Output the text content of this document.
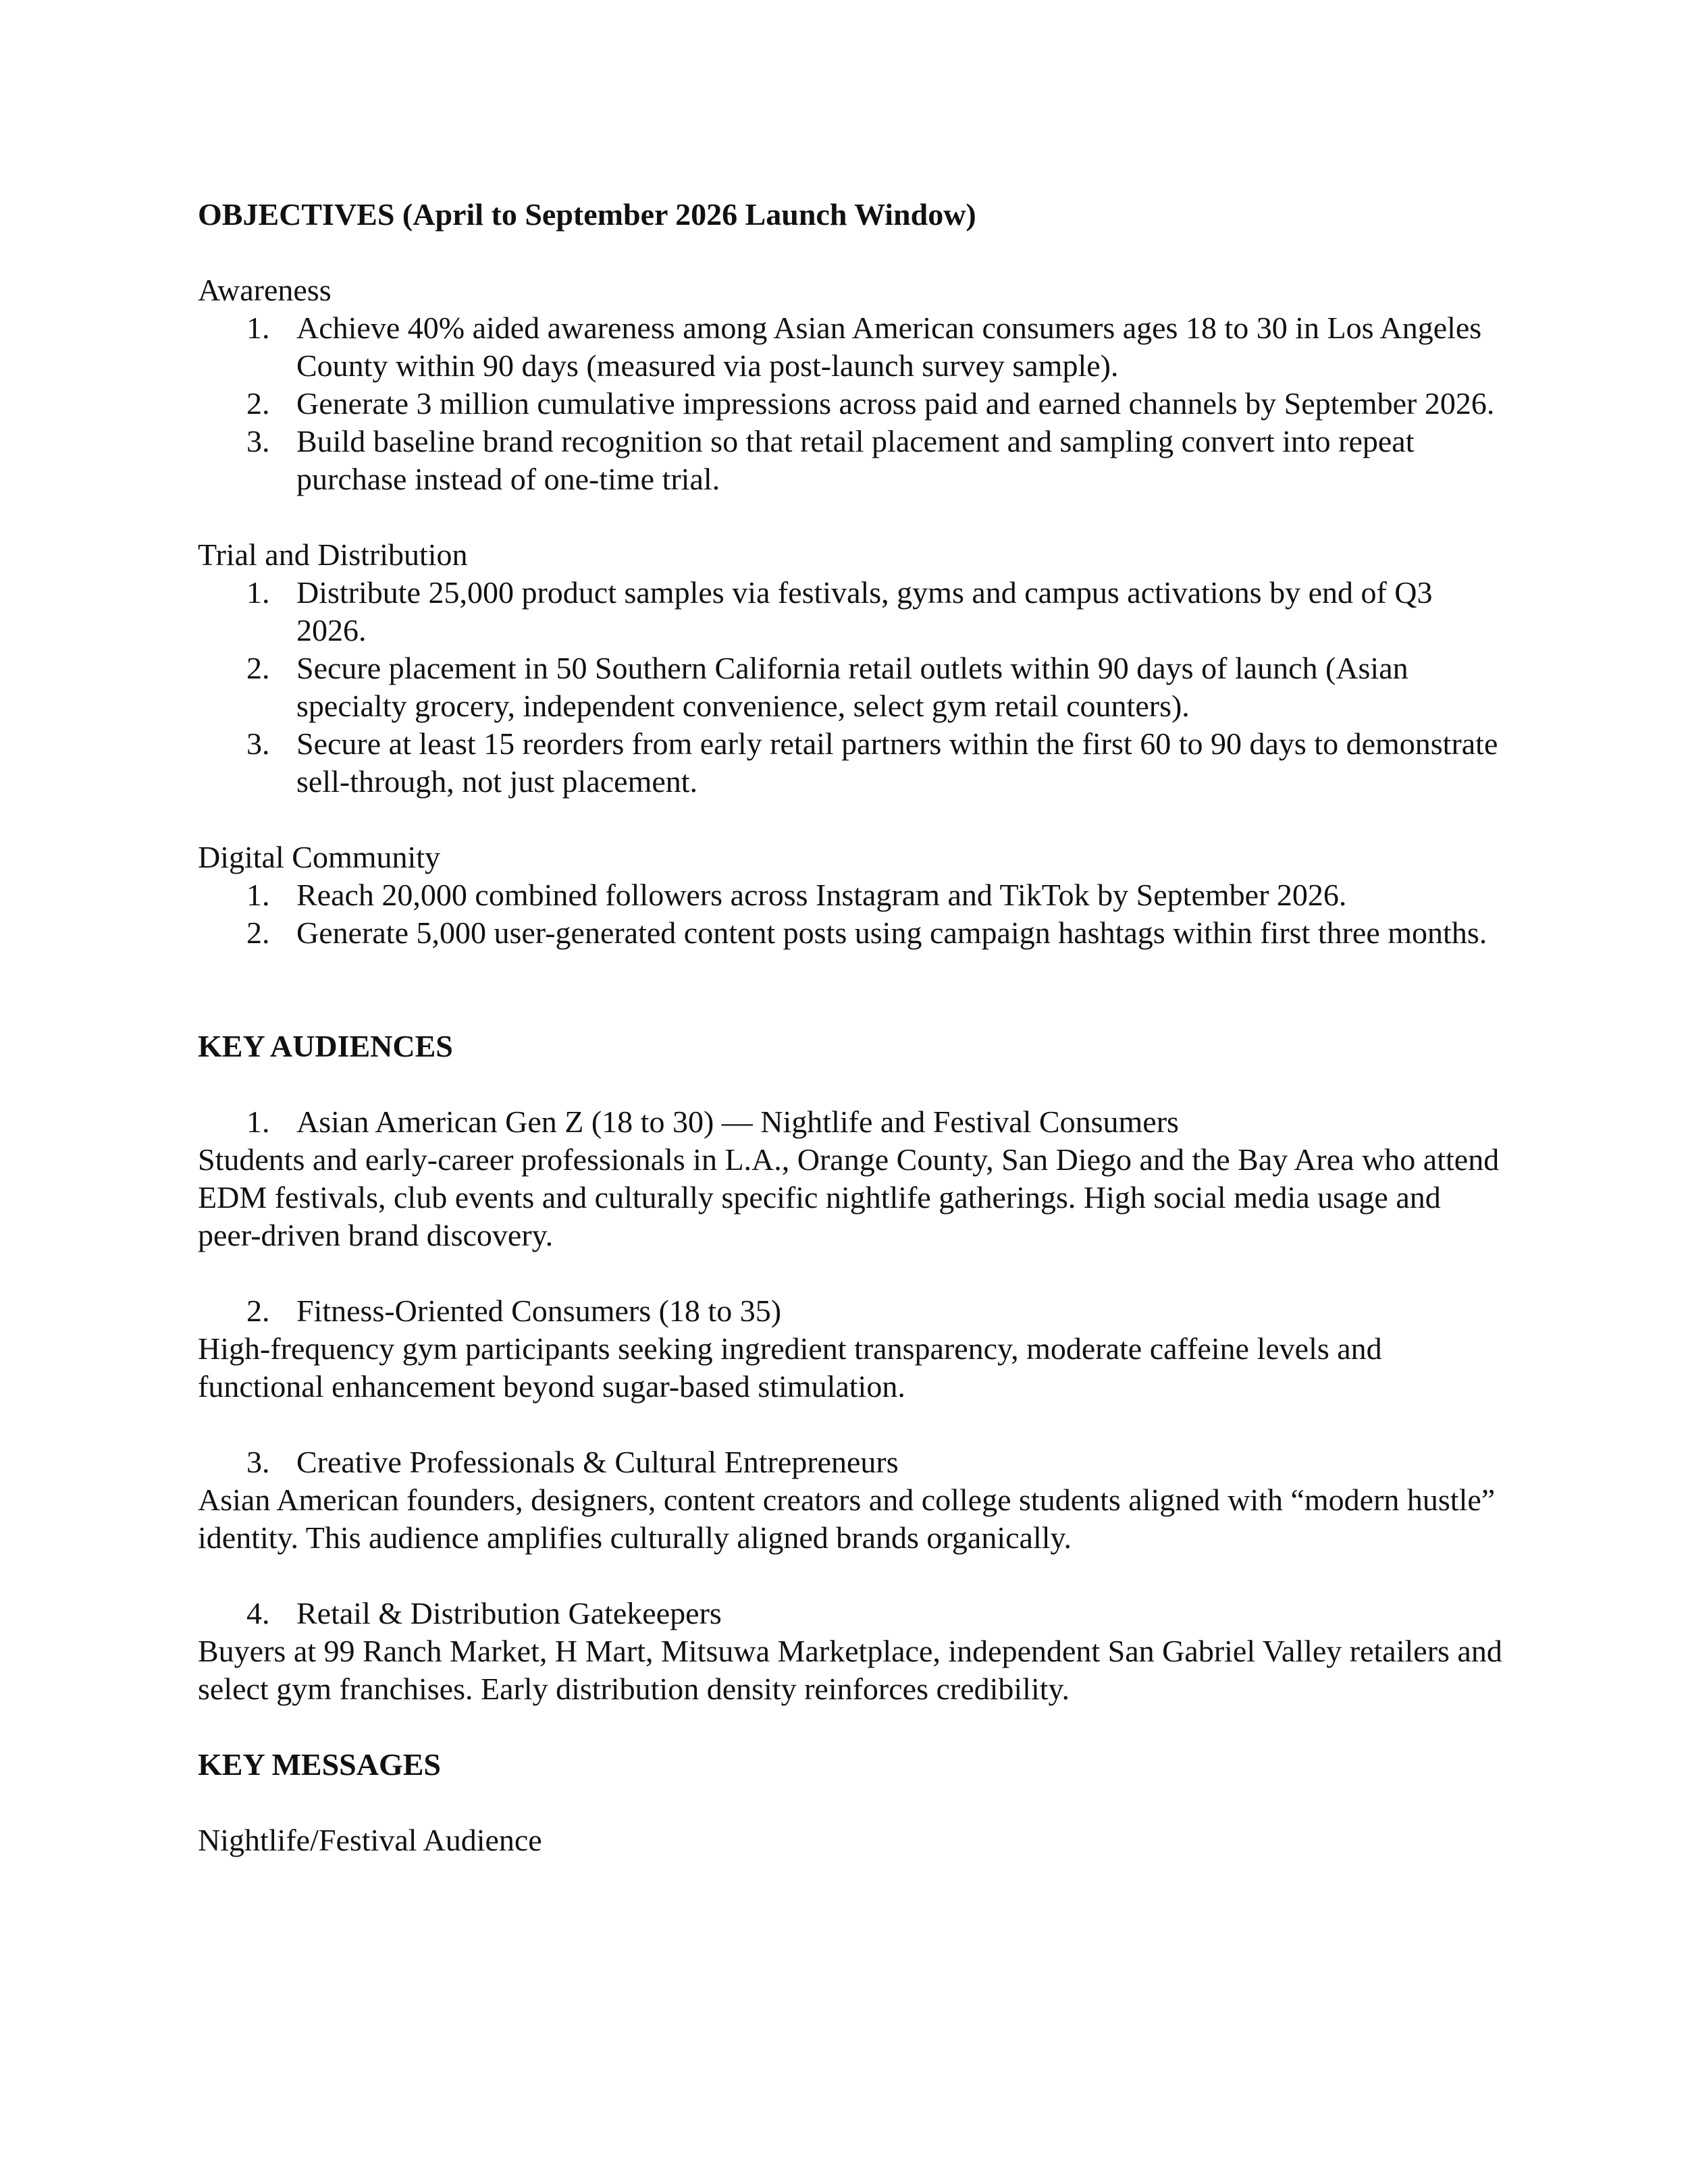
OBJECTIVES (April to September 2026 Launch Window)

Awareness

1. Achieve 40% aided awareness among Asian American consumers ages 18 to 30 in Los Angeles County within 90 days (measured via post-launch survey sample).
2. Generate 3 million cumulative impressions across paid and earned channels by September 2026.
3. Build baseline brand recognition so that retail placement and sampling convert into repeat purchase instead of one-time trial.

Trial and Distribution

1. Distribute 25,000 product samples via festivals, gyms and campus activations by end of Q3 2026.
2. Secure placement in 50 Southern California retail outlets within 90 days of launch (Asian specialty grocery, independent convenience, select gym retail counters).
3. Secure at least 15 reorders from early retail partners within the first 60 to 90 days to demonstrate sell-through, not just placement.

Digital Community

1. Reach 20,000 combined followers across Instagram and TikTok by September 2026.
2. Generate 5,000 user-generated content posts using campaign hashtags within first three months.

KEY AUDIENCES

1. Asian American Gen Z (18 to 30) — Nightlife and Festival Consumers

Students and early-career professionals in L.A., Orange County, San Diego and the Bay Area who attend EDM festivals, club events and culturally specific nightlife gatherings. High social media usage and peer-driven brand discovery.

2. Fitness-Oriented Consumers (18 to 35)

High-frequency gym participants seeking ingredient transparency, moderate caffeine levels and functional enhancement beyond sugar-based stimulation.

3. Creative Professionals & Cultural Entrepreneurs

Asian American founders, designers, content creators and college students aligned with “modern hustle” identity. This audience amplifies culturally aligned brands organically.

4. Retail & Distribution Gatekeepers

Buyers at 99 Ranch Market, H Mart, Mitsuwa Marketplace, independent San Gabriel Valley retailers and select gym franchises. Early distribution density reinforces credibility.

KEY MESSAGES

Nightlife/Festival Audience
